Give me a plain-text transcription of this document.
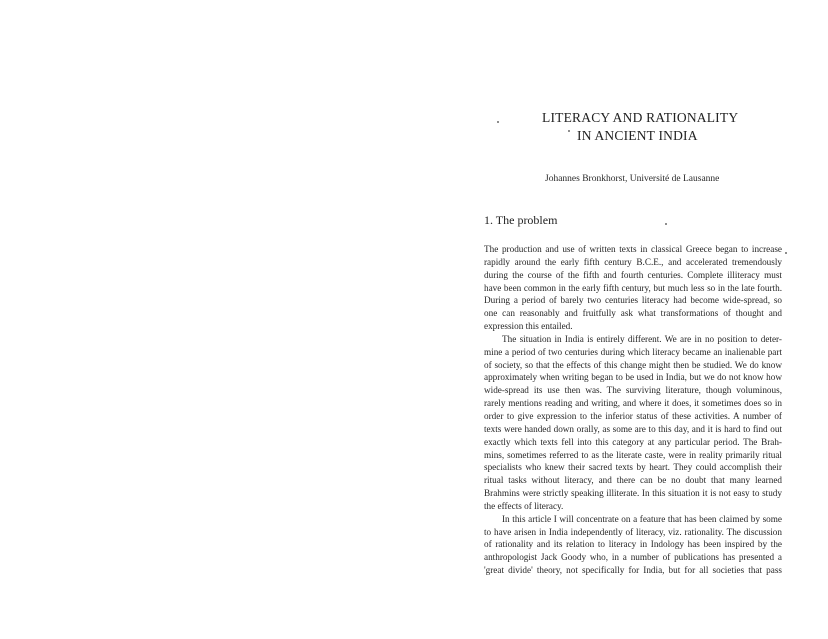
LITERACY AND RATIONALITY
IN ANCIENT INDIA
Johannes Bronkhorst, Université de Lausanne
1. The problem

The production and use of written texts in classical Greece began to increase
rapidly around the early fifth century B.C.E., and accelerated tremendously
during the course of the fifth and fourth centuries. Complete illiteracy must
have been common in the early fifth century, but much less so in the late fourth.
During a period of barely two centuries literacy had become wide-spread, so
one can reasonably and fruitfully ask what transformations of thought and
expression this entailed.

The situation in India is entirely different. We are in no position to deter-
mine a period of two centuries during which literacy became an inalienable part
of society, so that the effects of this change might then be studied. We do know
approximately when writing began to be used in India, but we do not know how
wide-spread its use then was. The surviving literature, though voluminous,
rarely mentions reading and writing, and where it does, it sometimes does so in
order to give expression to the inferior status of these activities. A number of
texts were handed down orally, as some are to this day, and it is hard to find out
exactly which texts fell into this category at any particular period. The Brah-
mins, sometimes referred to as the literate caste, were in reality primarily ritual
specialists who knew their sacred texts by heart. They could accomplish their
ritual tasks without literacy, and there can be no doubt that many learned
Brahmins were strictly speaking illiterate. In this situation it is not easy to study
the effects of literacy.

In this article I will concentrate on a feature that has been claimed by some
to have arisen in India independently of literacy, viz. rationality. The discussion
of rationality and its relation to literacy in Indology has been inspired by the
anthropologist Jack Goody who, in a number of publications has presented a
'great divide' theory, not specifically for India, but for all societies that pass
